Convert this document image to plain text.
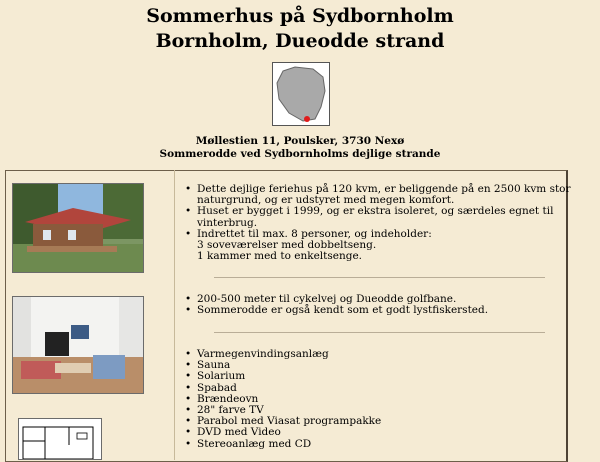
Sommerhus på Sydbornholm
Bornholm, Dueodde strand
Møllestien 11, Poulsker, 3730 Nexø
Sommerodde ved Sydbornholms dejlige strande
• Dette dejlige feriehus på 120 kvm, er beliggende på en 2500 kvm stor
naturgrund, og er udstyret med megen komfort.
• Huset er bygget i 1999, og er ekstra isoleret, og særdeles egnet til
vinterbrug.
• Indrettet til max. 8 personer, og indeholder:
3 soveværelser med dobbeltseng.
1 kammer med to enkeltsenge.
• 200-500 meter til cykelvej og Dueodde golfbane.
• Sommerodde er også kendt som et godt lystfiskersted.
• Varmegenvindingsanlæg
• Sauna
• Solarium
• Spabad
• Brændeovn
• 28" farve TV
• Parabol med Viasat programpakke
• DVD med Video
• Stereoanlæg med CD
